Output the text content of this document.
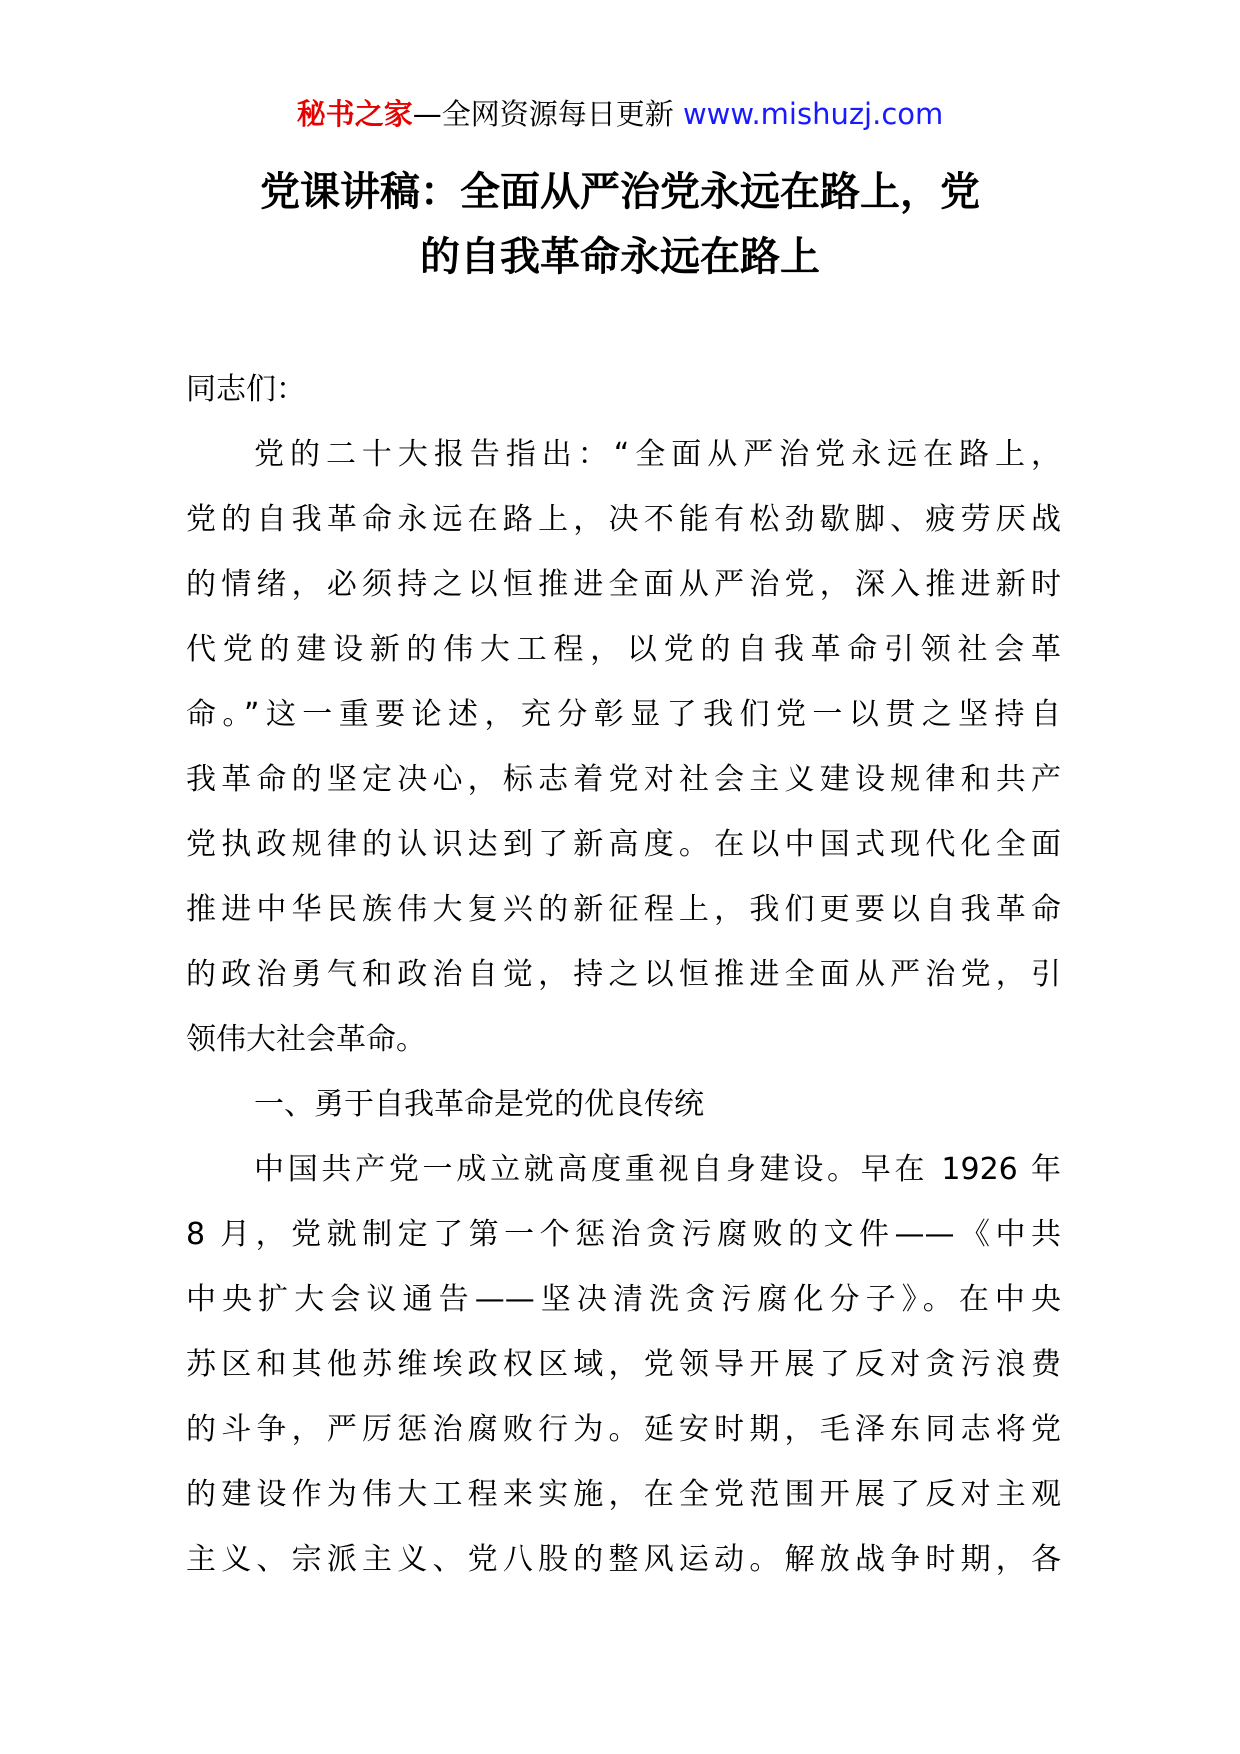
秘书之家—全网资源每日更新 www.mishuzj.com
党课讲稿：全面从严治党永远在路上，党
的自我革命永远在路上
同志们：
党的二十大报告指出：“全面从严治党永远在路上，
党的自我革命永远在路上，决不能有松劲歇脚、疲劳厌战
的情绪，必须持之以恒推进全面从严治党，深入推进新时
代党的建设新的伟大工程，以党的自我革命引领社会革
命。”这一重要论述，充分彰显了我们党一以贯之坚持自
我革命的坚定决心，标志着党对社会主义建设规律和共产
党执政规律的认识达到了新高度。在以中国式现代化全面
推进中华民族伟大复兴的新征程上，我们更要以自我革命
的政治勇气和政治自觉，持之以恒推进全面从严治党，引
领伟大社会革命。
一、勇于自我革命是党的优良传统
中国共产党一成立就高度重视自身建设。早在 1926 年
8 月，党就制定了第一个惩治贪污腐败的文件——《中共
中央扩大会议通告——坚决清洗贪污腐化分子》。在中央
苏区和其他苏维埃政权区域，党领导开展了反对贪污浪费
的斗争，严厉惩治腐败行为。延安时期，毛泽东同志将党
的建设作为伟大工程来实施，在全党范围开展了反对主观
主义、宗派主义、党八股的整风运动。解放战争时期，各
